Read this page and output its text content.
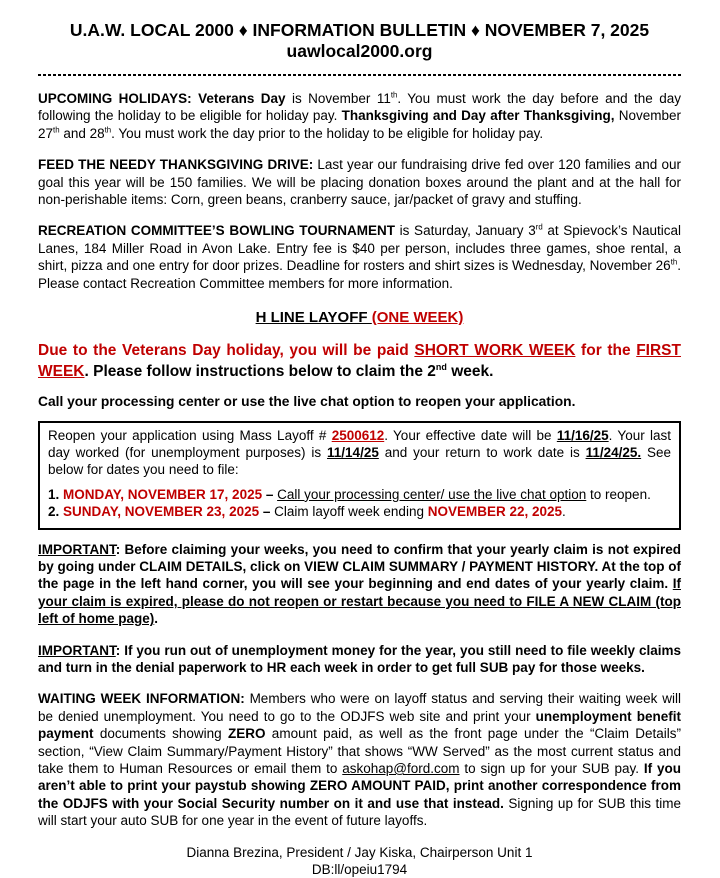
U.A.W. LOCAL 2000 ♦ INFORMATION BULLETIN ♦ NOVEMBER 7, 2025
uawlocal2000.org

UPCOMING HOLIDAYS: Veterans Day is November 11th. You must work the day before and the day following the holiday to be eligible for holiday pay. Thanksgiving and Day after Thanksgiving, November 27th and 28th. You must work the day prior to the holiday to be eligible for holiday pay.

FEED THE NEEDY THANKSGIVING DRIVE: Last year our fundraising drive fed over 120 families and our goal this year will be 150 families. We will be placing donation boxes around the plant and at the hall for non-perishable items: Corn, green beans, cranberry sauce, jar/packet of gravy and stuffing.

RECREATION COMMITTEE’S BOWLING TOURNAMENT is Saturday, January 3rd at Spievock’s Nautical Lanes, 184 Miller Road in Avon Lake. Entry fee is $40 per person, includes three games, shoe rental, a shirt, pizza and one entry for door prizes. Deadline for rosters and shirt sizes is Wednesday, November 26th. Please contact Recreation Committee members for more information.

H LINE LAYOFF (ONE WEEK)

Due to the Veterans Day holiday, you will be paid SHORT WORK WEEK for the FIRST WEEK. Please follow instructions below to claim the 2nd week.

Call your processing center or use the live chat option to reopen your application.

Reopen your application using Mass Layoff # 2500612. Your effective date will be 11/16/25. Your last day worked (for unemployment purposes) is 11/14/25 and your return to work date is 11/24/25. See below for dates you need to file:

1. MONDAY, NOVEMBER 17, 2025 – Call your processing center/ use the live chat option to reopen.

2. SUNDAY, NOVEMBER 23, 2025 – Claim layoff week ending NOVEMBER 22, 2025.

IMPORTANT: Before claiming your weeks, you need to confirm that your yearly claim is not expired by going under CLAIM DETAILS, click on VIEW CLAIM SUMMARY / PAYMENT HISTORY. At the top of the page in the left hand corner, you will see your beginning and end dates of your yearly claim. If your claim is expired, please do not reopen or restart because you need to FILE A NEW CLAIM (top left of home page).

IMPORTANT: If you run out of unemployment money for the year, you still need to file weekly claims and turn in the denial paperwork to HR each week in order to get full SUB pay for those weeks.

WAITING WEEK INFORMATION: Members who were on layoff status and serving their waiting week will be denied unemployment. You need to go to the ODJFS web site and print your unemployment benefit payment documents showing ZERO amount paid, as well as the front page under the “Claim Details” section, “View Claim Summary/Payment History” that shows “WW Served” as the most current status and take them to Human Resources or email them to askohap@ford.com to sign up for your SUB pay. If you aren’t able to print your paystub showing ZERO AMOUNT PAID, print another correspondence from the ODJFS with your Social Security number on it and use that instead. Signing up for SUB this time will start your auto SUB for one year in the event of future layoffs.

Dianna Brezina, President / Jay Kiska, Chairperson Unit 1
DB:ll/opeiu1794
